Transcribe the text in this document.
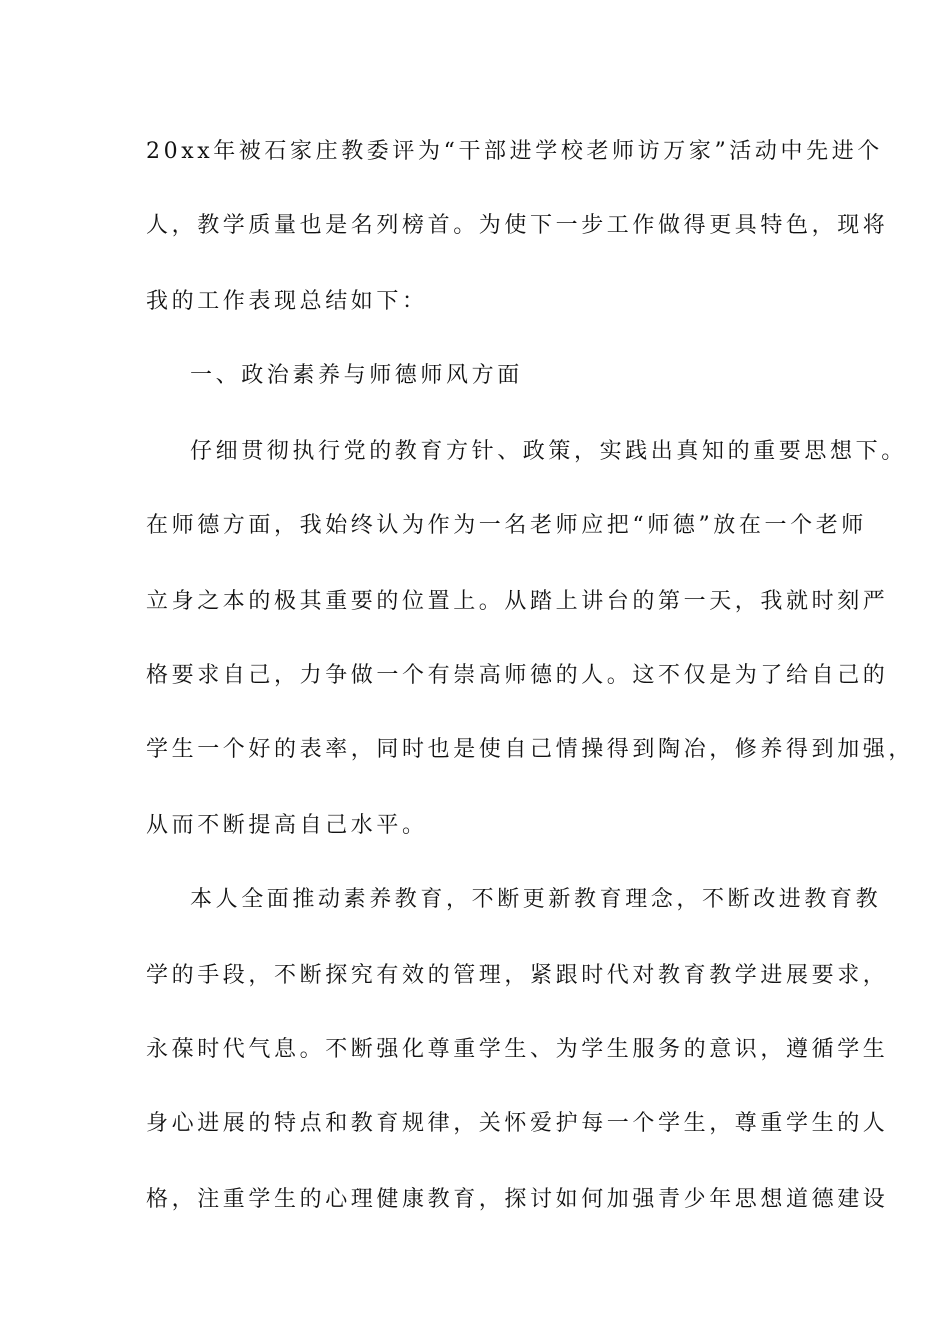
20xx年被石家庄教委评为“干部进学校老师访万家”活动中先进个
人，教学质量也是名列榜首。为使下一步工作做得更具特色，现将
我的工作表现总结如下：
一、政治素养与师德师风方面
仔细贯彻执行党的教育方针、政策，实践出真知的重要思想下。
在师德方面，我始终认为作为一名老师应把“师德”放在一个老师
立身之本的极其重要的位置上。从踏上讲台的第一天，我就时刻严
格要求自己，力争做一个有崇高师德的人。这不仅是为了给自己的
学生一个好的表率，同时也是使自己情操得到陶冶，修养得到加强，
从而不断提高自己水平。
本人全面推动素养教育，不断更新教育理念，不断改进教育教
学的手段，不断探究有效的管理，紧跟时代对教育教学进展要求，
永葆时代气息。不断强化尊重学生、为学生服务的意识，遵循学生
身心进展的特点和教育规律，关怀爱护每一个学生，尊重学生的人
格，注重学生的心理健康教育，探讨如何加强青少年思想道德建设
